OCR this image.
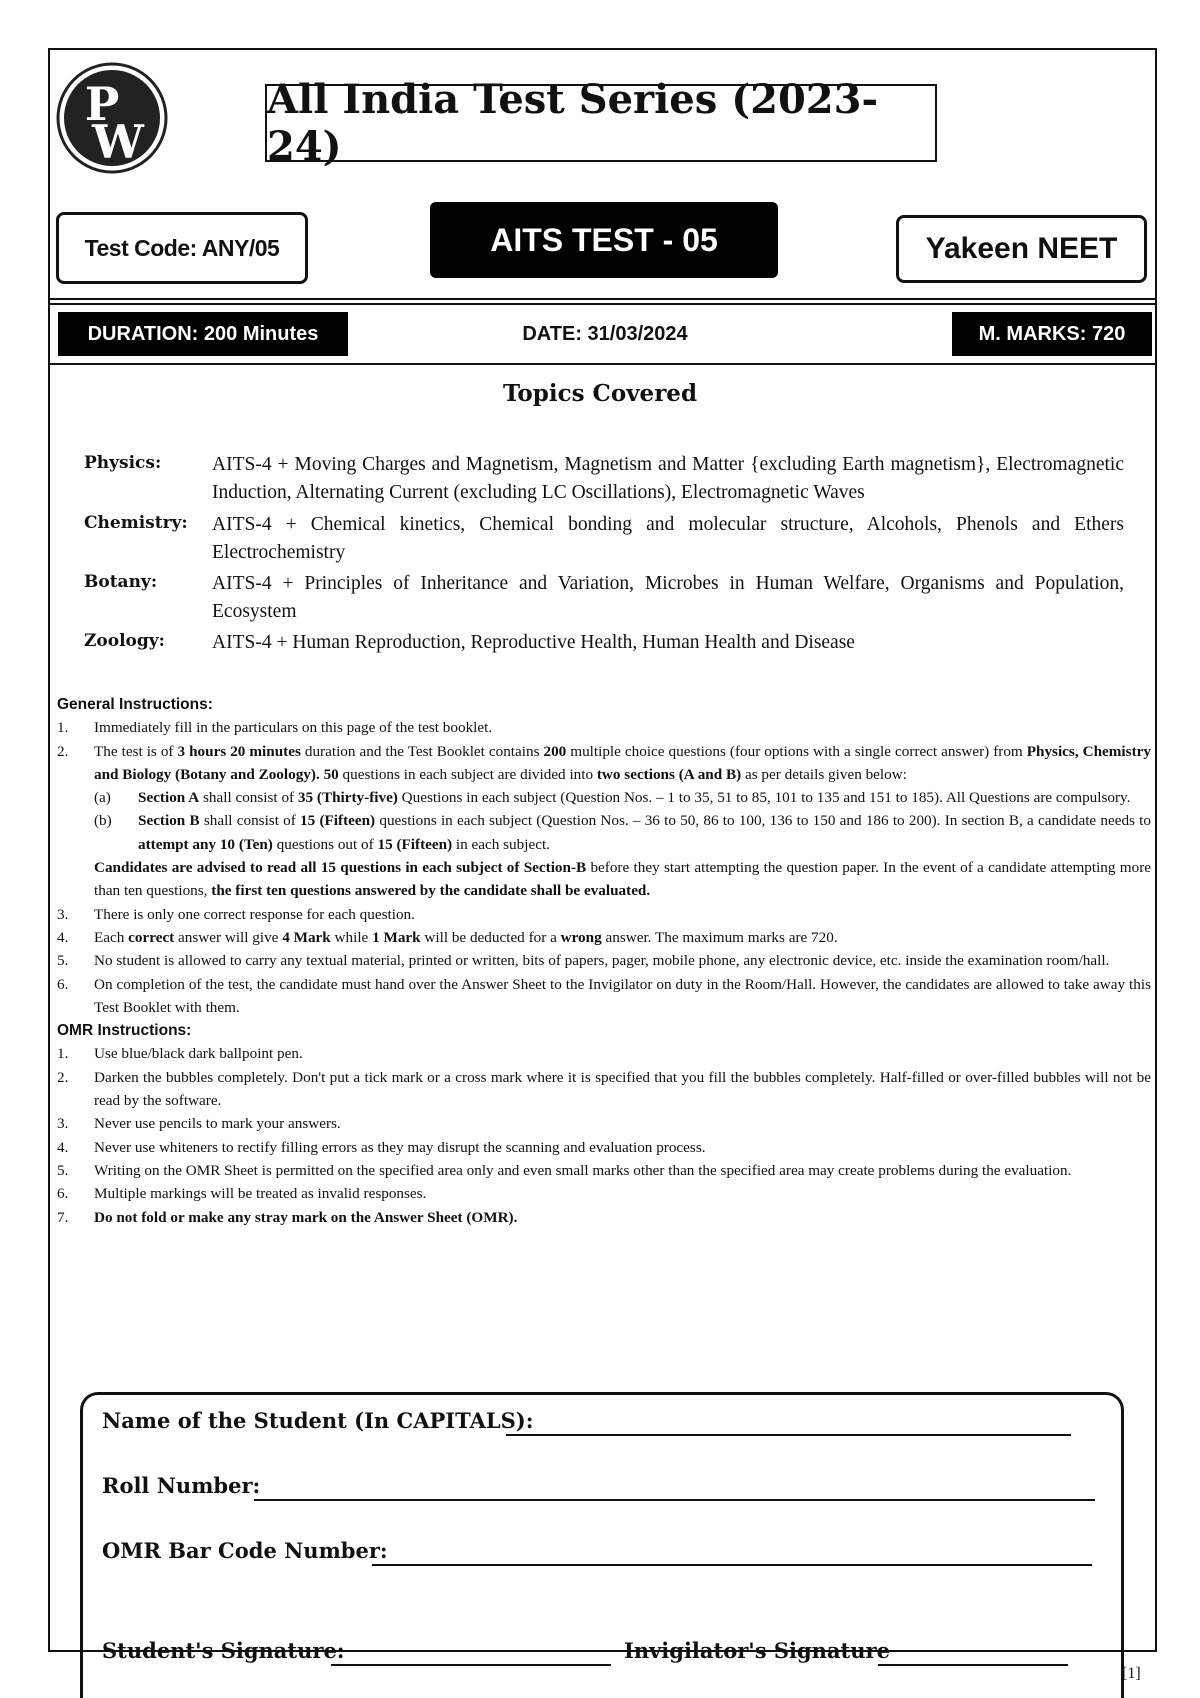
P
W
All India Test Series (2023-24)
Test Code: ANY/05	AITS TEST - 05	Yakeen NEET
DURATION: 200 Minutes	DATE: 31/03/2024	M. MARKS: 720
Topics Covered
Physics:	AITS-4 + Moving Charges and Magnetism, Magnetism and Matter {excluding Earth magnetism}, Electromagnetic Induction, Alternating Current (excluding LC Oscillations), Electromagnetic Waves
Chemistry: AITS-4 + Chemical kinetics, Chemical bonding and molecular structure, Alcohols, Phenols and Ethers Electrochemistry
Botany:	AITS-4 + Principles of Inheritance and Variation, Microbes in Human Welfare, Organisms and Population, Ecosystem
Zoology: AITS-4 + Human Reproduction, Reproductive Health, Human Health and Disease
General Instructions:
1. Immediately fill in the particulars on this page of the test booklet.
2. The test is of 3 hours 20 minutes duration and the Test Booklet contains 200 multiple choice questions (four options with a single correct answer) from Physics, Chemistry and Biology (Botany and Zoology). 50 questions in each subject are divided into two sections (A and B) as per details given below:
(a) Section A shall consist of 35 (Thirty-five) Questions in each subject (Question Nos. – 1 to 35, 51 to 85, 101 to 135 and 151 to 185). All Questions are compulsory.
(b) Section B shall consist of 15 (Fifteen) questions in each subject (Question Nos. – 36 to 50, 86 to 100, 136 to 150 and 186 to 200). In section B, a candidate needs to attempt any 10 (Ten) questions out of 15 (Fifteen) in each subject.
Candidates are advised to read all 15 questions in each subject of Section-B before they start attempting the question paper. In the event of a candidate attempting more than ten questions, the first ten questions answered by the candidate shall be evaluated.
3. There is only one correct response for each question.
4. Each correct answer will give 4 Mark while 1 Mark will be deducted for a wrong answer. The maximum marks are 720.
5. No student is allowed to carry any textual material, printed or written, bits of papers, pager, mobile phone, any electronic device, etc. inside the examination room/hall.
6. On completion of the test, the candidate must hand over the Answer Sheet to the Invigilator on duty in the Room/Hall. However, the candidates are allowed to take away this Test Booklet with them.
OMR Instructions:
1. Use blue/black dark ballpoint pen.
2. Darken the bubbles completely. Don't put a tick mark or a cross mark where it is specified that you fill the bubbles completely. Half-filled or over-filled bubbles will not be read by the software.
3. Never use pencils to mark your answers.
4. Never use whiteners to rectify filling errors as they may disrupt the scanning and evaluation process.
5. Writing on the OMR Sheet is permitted on the specified area only and even small marks other than the specified area may create problems during the evaluation.
6. Multiple markings will be treated as invalid responses.
7. Do not fold or make any stray mark on the Answer Sheet (OMR).
Name of the Student (In CAPITALS):
Roll Number:
OMR Bar Code Number:
Student's Signature:	Invigilator's Signature
[1]
